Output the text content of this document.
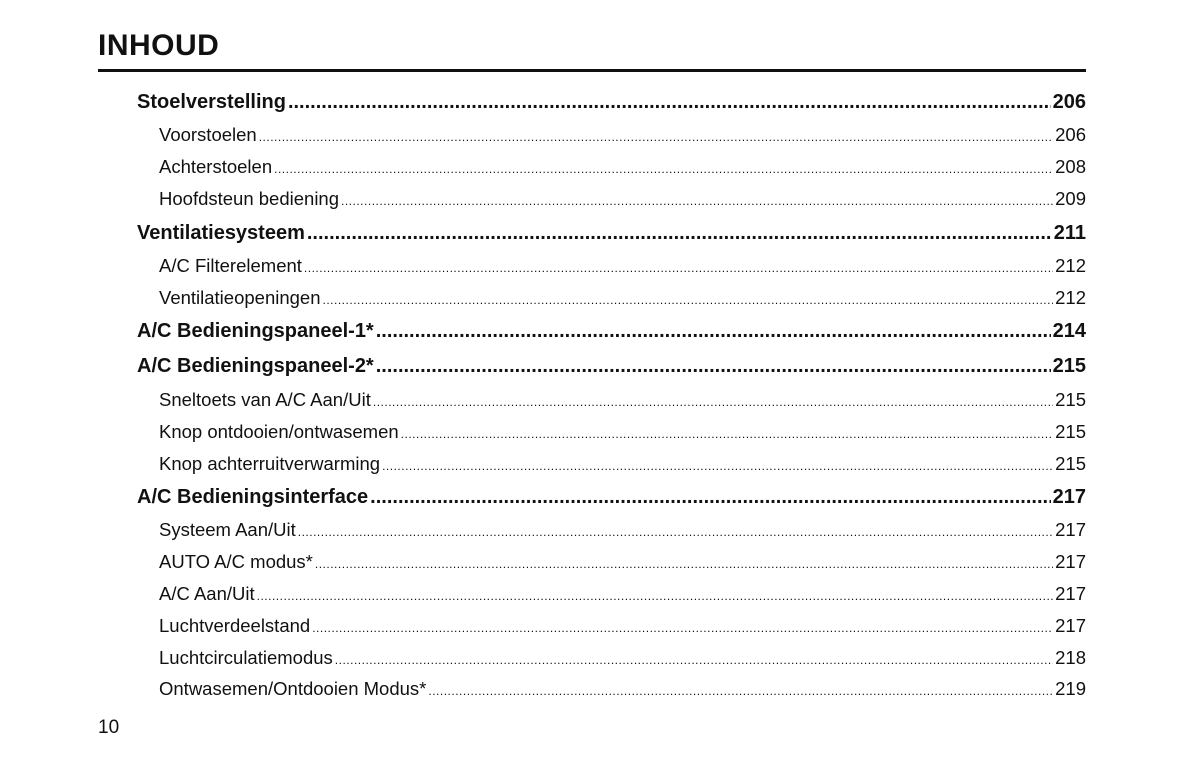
INHOUD
Stoelverstelling .....	206
Voorstoelen .....	206
Achterstoelen .....	208
Hoofdsteun bediening .....	209
Ventilatiesysteem .....	211
A/C Filterelement .....	212
Ventilatieopeningen .....	212
A/C Bedieningspaneel-1* .....	214
A/C Bedieningspaneel-2* .....	215
Sneltoets van A/C Aan/Uit .....	215
Knop ontdooien/ontwasemen .....	215
Knop achterruitverwarming .....	215
A/C Bedieningsinterface .....	217
Systeem Aan/Uit .....	217
AUTO A/C modus* .....	217
A/C Aan/Uit .....	217
Luchtverdeelstand .....	217
Luchtcirculatiemodus .....	218
Ontwasemen/Ontdooien Modus* .....	219
10
